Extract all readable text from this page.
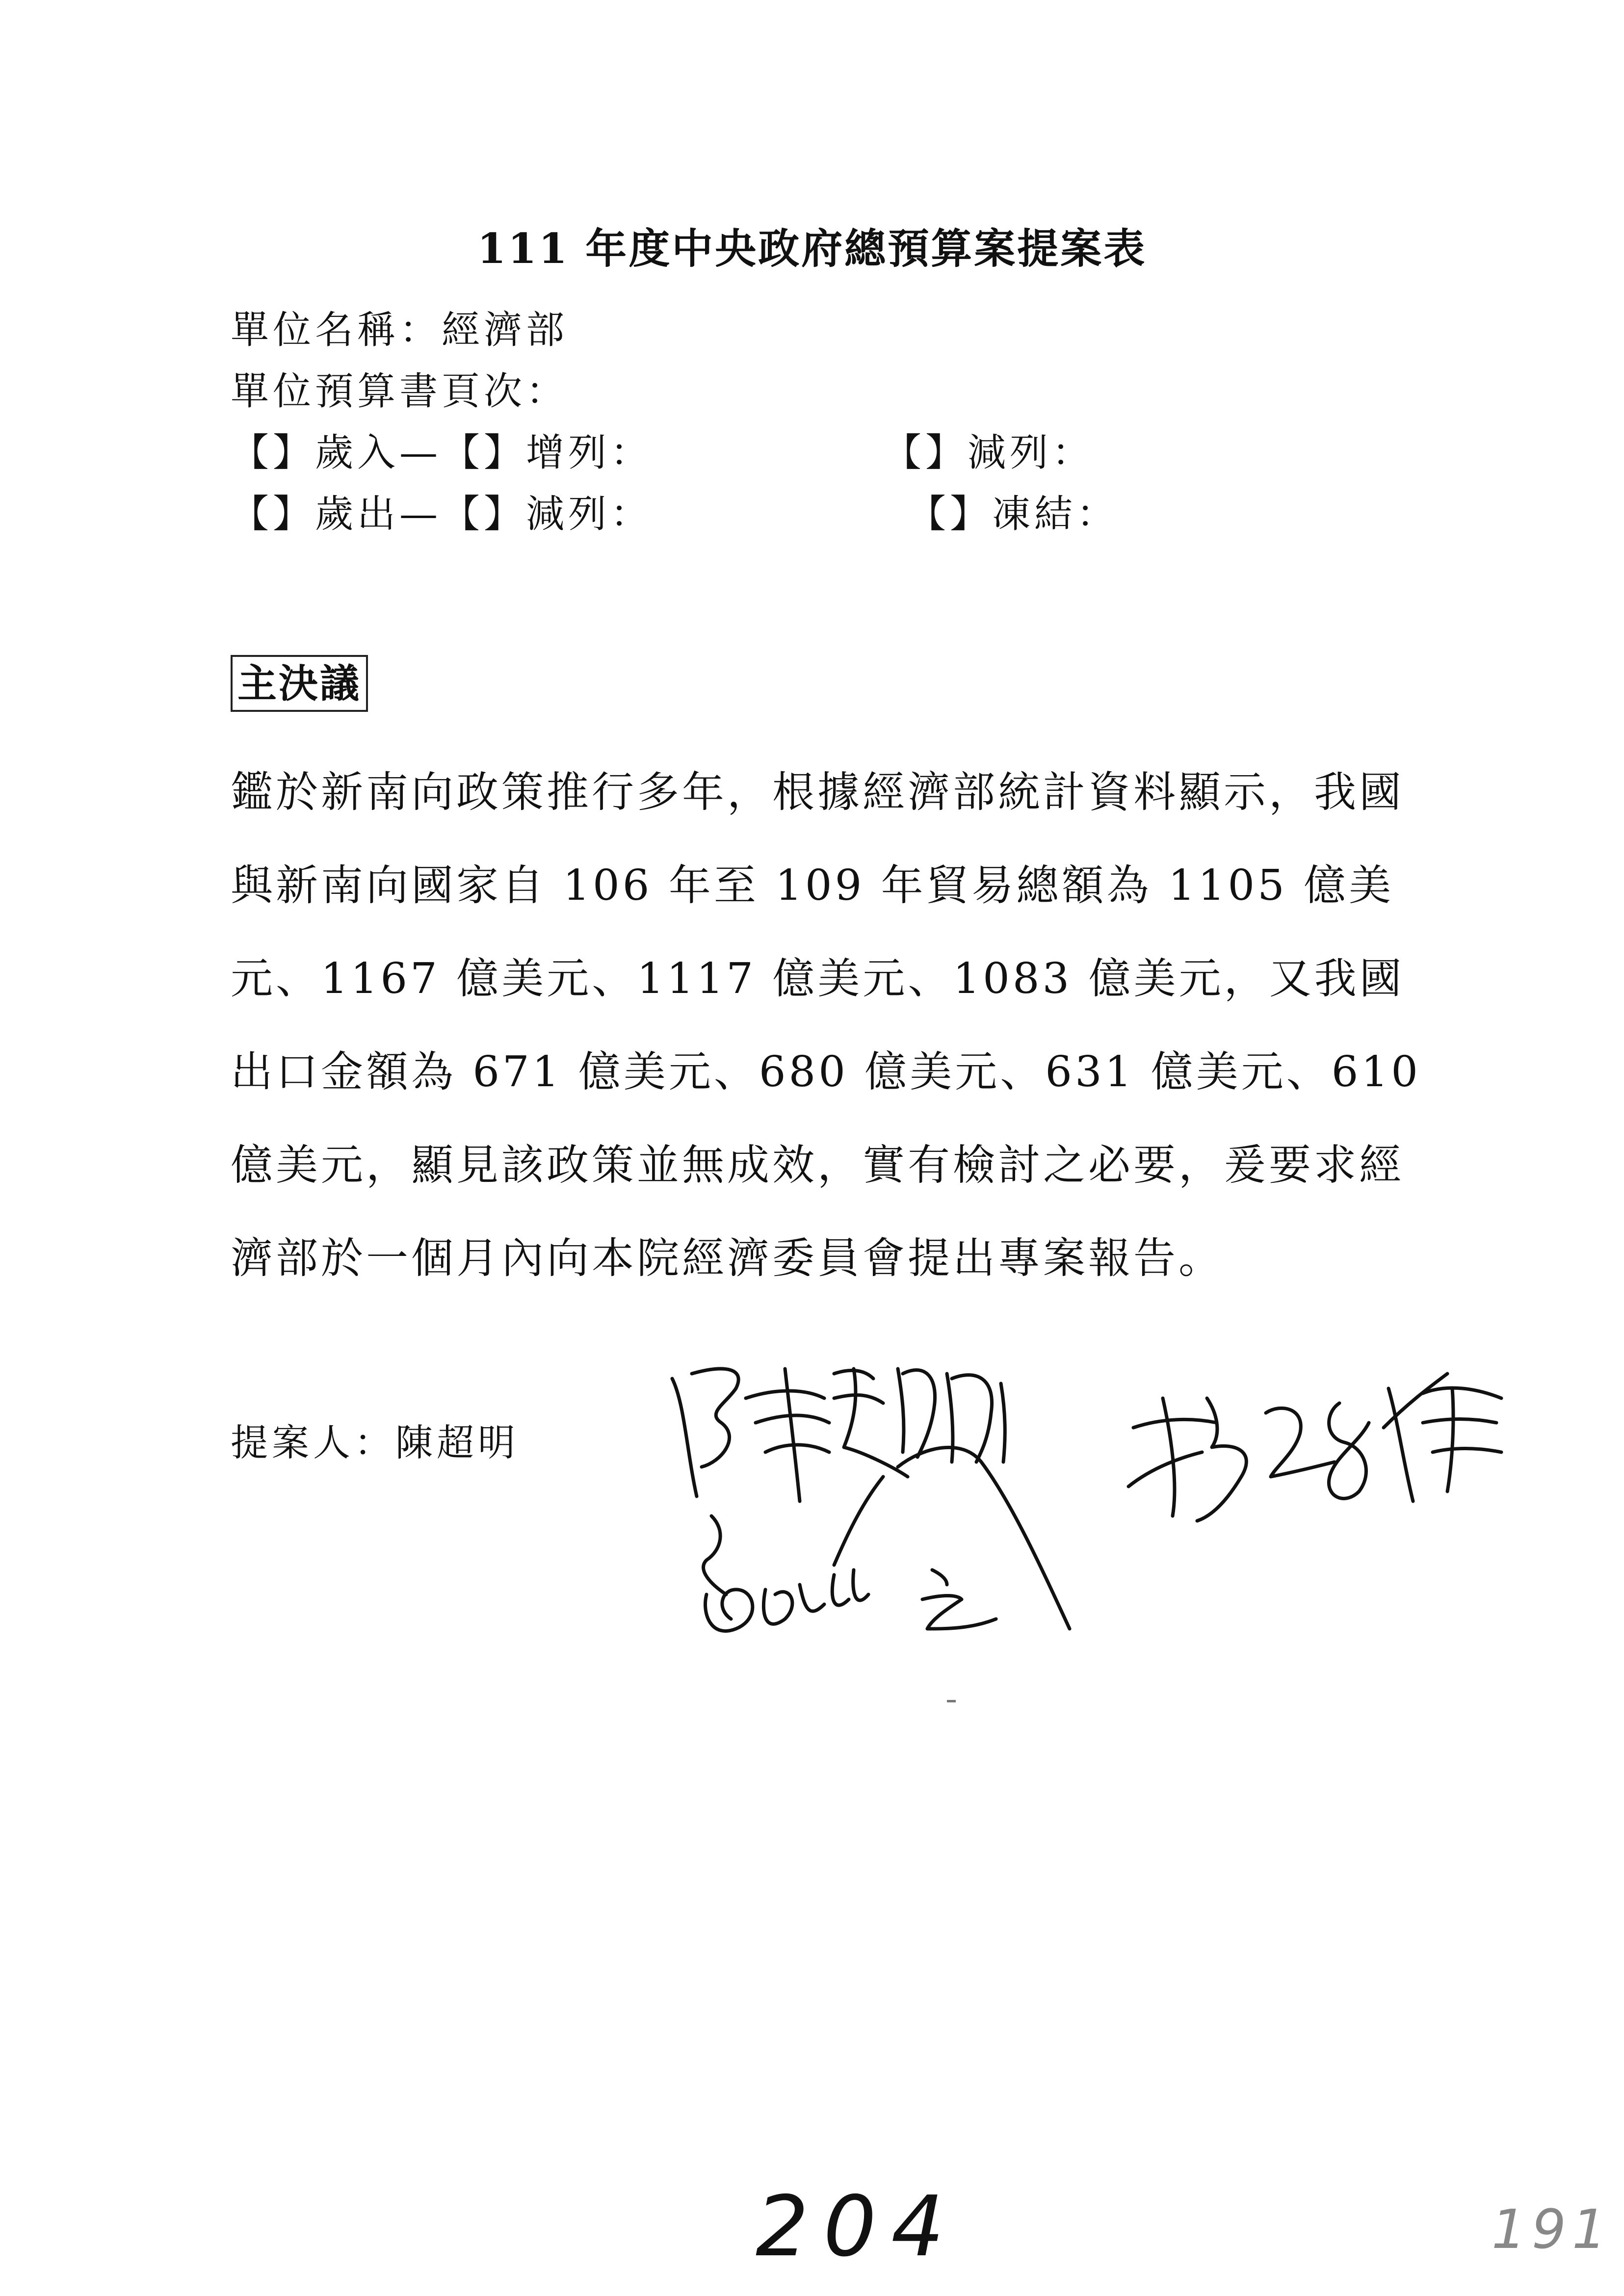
111 年度中央政府總預算案提案表
單位名稱：經濟部
單位預算書頁次：
【】歲入—【】增列：	【】減列：
【】歲出—【】減列：	【】凍結：
主決議

鑑於新南向政策推行多年，根據經濟部統計資料顯示，我國與新南向國家自 106 年至 109 年貿易總額為 1105 億美元、1167 億美元、1117 億美元、1083 億美元，又我國出口金額為 671 億美元、680 億美元、631 億美元、610 億美元，顯見該政策並無成效，實有檢討之必要，爰要求經濟部於一個月內向本院經濟委員會提出專案報告。

提案人：陳超明
204	191
